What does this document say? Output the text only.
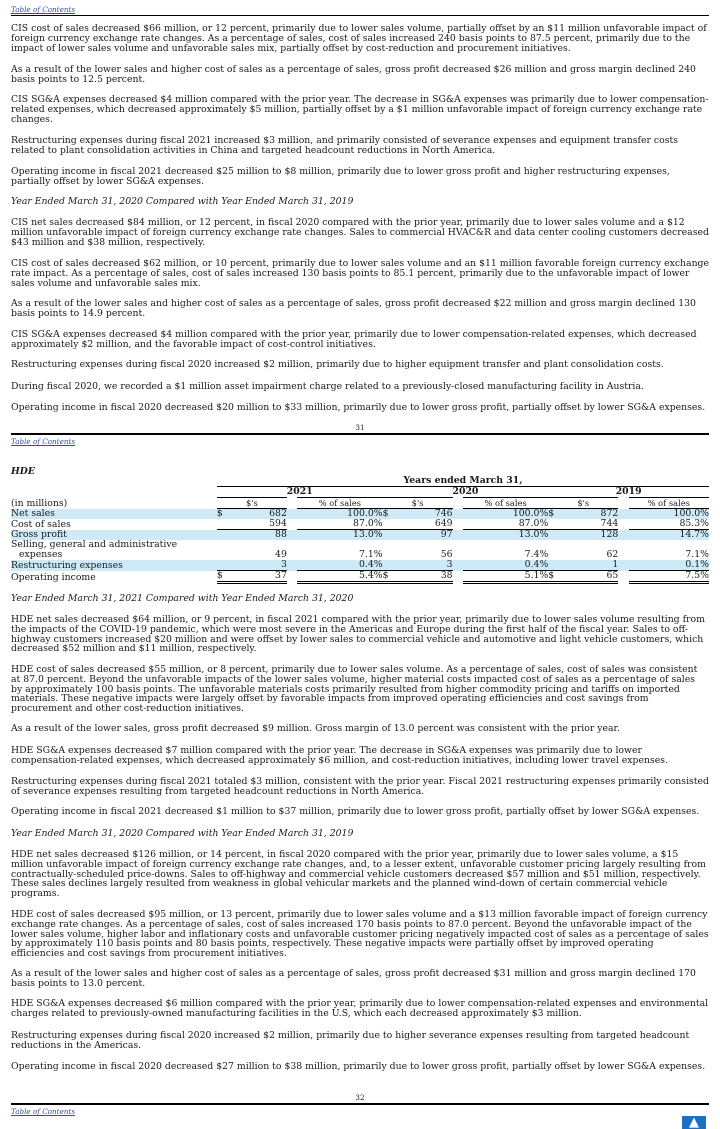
Table of Contents
CIS cost of sales decreased $66 million, or 12 percent, primarily due to lower sales volume, partially offset by an $11 million unfavorable impact of foreign currency exchange rate changes. As a percentage of sales, cost of sales increased 240 basis points to 87.5 percent, primarily due to the impact of lower sales volume and unfavorable sales mix, partially offset by cost-reduction and procurement initiatives.
As a result of the lower sales and higher cost of sales as a percentage of sales, gross profit decreased $26 million and gross margin declined 240 basis points to 12.5 percent.
CIS SG&A expenses decreased $4 million compared with the prior year. The decrease in SG&A expenses was primarily due to lower compensation-related expenses, which decreased approximately $5 million, partially offset by a $1 million unfavorable impact of foreign currency exchange rate changes.
Restructuring expenses during fiscal 2021 increased $3 million, and primarily consisted of severance expenses and equipment transfer costs related to plant consolidation activities in China and targeted headcount reductions in North America.
Operating income in fiscal 2021 decreased $25 million to $8 million, primarily due to lower gross profit and higher restructuring expenses, partially offset by lower SG&A expenses.
Year Ended March 31, 2020 Compared with Year Ended March 31, 2019
CIS net sales decreased $84 million, or 12 percent, in fiscal 2020 compared with the prior year, primarily due to lower sales volume and a $12 million unfavorable impact of foreign currency exchange rate changes. Sales to commercial HVAC&R and data center cooling customers decreased $43 million and $38 million, respectively.
CIS cost of sales decreased $62 million, or 10 percent, primarily due to lower sales volume and an $11 million favorable foreign currency exchange rate impact. As a percentage of sales, cost of sales increased 130 basis points to 85.1 percent, primarily due to the unfavorable impact of lower sales volume and unfavorable sales mix.
As a result of the lower sales and higher cost of sales as a percentage of sales, gross profit decreased $22 million and gross margin declined 130 basis points to 14.9 percent.
CIS SG&A expenses decreased $4 million compared with the prior year, primarily due to lower compensation-related expenses, which decreased approximately $2 million, and the favorable impact of cost-control initiatives.
Restructuring expenses during fiscal 2020 increased $2 million, primarily due to higher equipment transfer and plant consolidation costs.
During fiscal 2020, we recorded a $1 million asset impairment charge related to a previously-closed manufacturing facility in Austria.
Operating income in fiscal 2020 decreased $20 million to $33 million, primarily due to lower gross profit, partially offset by lower SG&A expenses.
31
Table of Contents
HDE
	Years ended March 31,											
	2021				2020				2019			
(in millions)	$'s			% of sales	$'s			% of sales	$'s			% of sales
Net sales	$	682		100.0%	$	746		100.0%	$	872		100.0%
Cost of sales		594		87.0%		649		87.0%		744		85.3%
Gross profit		88		13.0%		97		13.0%		128		14.7%
Selling, general and administrative												
expenses		49		7.1%		56		7.4%		62		7.1%
Restructuring expenses		3		0.4%		3		0.4%		1		0.1%
Operating income	$	37		5.4%	$	38		5.1%	$	65		7.5%
Year Ended March 31, 2021 Compared with Year Ended March 31, 2020
HDE net sales decreased $64 million, or 9 percent, in fiscal 2021 compared with the prior year, primarily due to lower sales volume resulting from the impacts of the COVID-19 pandemic, which were most severe in the Americas and Europe during the first half of the fiscal year. Sales to off-highway customers increased $20 million and were offset by lower sales to commercial vehicle and automotive and light vehicle customers, which decreased $52 million and $11 million, respectively.
HDE cost of sales decreased $55 million, or 8 percent, primarily due to lower sales volume. As a percentage of sales, cost of sales was consistent at 87.0 percent. Beyond the unfavorable impacts of the lower sales volume, higher material costs impacted cost of sales as a percentage of sales by approximately 100 basis points. The unfavorable materials costs primarily resulted from higher commodity pricing and tariffs on imported materials. These negative impacts were largely offset by favorable impacts from improved operating efficiencies and cost savings from procurement and other cost-reduction initiatives.
As a result of the lower sales, gross profit decreased $9 million. Gross margin of 13.0 percent was consistent with the prior year.
HDE SG&A expenses decreased $7 million compared with the prior year. The decrease in SG&A expenses was primarily due to lower compensation-related expenses, which decreased approximately $6 million, and cost-reduction initiatives, including lower travel expenses.
Restructuring expenses during fiscal 2021 totaled $3 million, consistent with the prior year. Fiscal 2021 restructuring expenses primarily consisted of severance expenses resulting from targeted headcount reductions in North America.
Operating income in fiscal 2021 decreased $1 million to $37 million, primarily due to lower gross profit, partially offset by lower SG&A expenses.
Year Ended March 31, 2020 Compared with Year Ended March 31, 2019
HDE net sales decreased $126 million, or 14 percent, in fiscal 2020 compared with the prior year, primarily due to lower sales volume, a $15 million unfavorable impact of foreign currency exchange rate changes, and, to a lesser extent, unfavorable customer pricing largely resulting from contractually-scheduled price-downs. Sales to off-highway and commercial vehicle customers decreased $57 million and $51 million, respectively. These sales declines largely resulted from weakness in global vehicular markets and the planned wind-down of certain commercial vehicle programs.
HDE cost of sales decreased $95 million, or 13 percent, primarily due to lower sales volume and a $13 million favorable impact of foreign currency exchange rate changes. As a percentage of sales, cost of sales increased 170 basis points to 87.0 percent. Beyond the unfavorable impact of the lower sales volume, higher labor and inflationary costs and unfavorable customer pricing negatively impacted cost of sales as a percentage of sales by approximately 110 basis points and 80 basis points, respectively. These negative impacts were partially offset by improved operating efficiencies and cost savings from procurement initiatives.
As a result of the lower sales and higher cost of sales as a percentage of sales, gross profit decreased $31 million and gross margin declined 170 basis points to 13.0 percent.
HDE SG&A expenses decreased $6 million compared with the prior year, primarily due to lower compensation-related expenses and environmental charges related to previously-owned manufacturing facilities in the U.S, which each decreased approximately $3 million.
Restructuring expenses during fiscal 2020 increased $2 million, primarily due to higher severance expenses resulting from targeted headcount reductions in the Americas.
Operating income in fiscal 2020 decreased $27 million to $38 million, primarily due to lower gross profit, partially offset by lower SG&A expenses.
32
Table of Contents
▲
